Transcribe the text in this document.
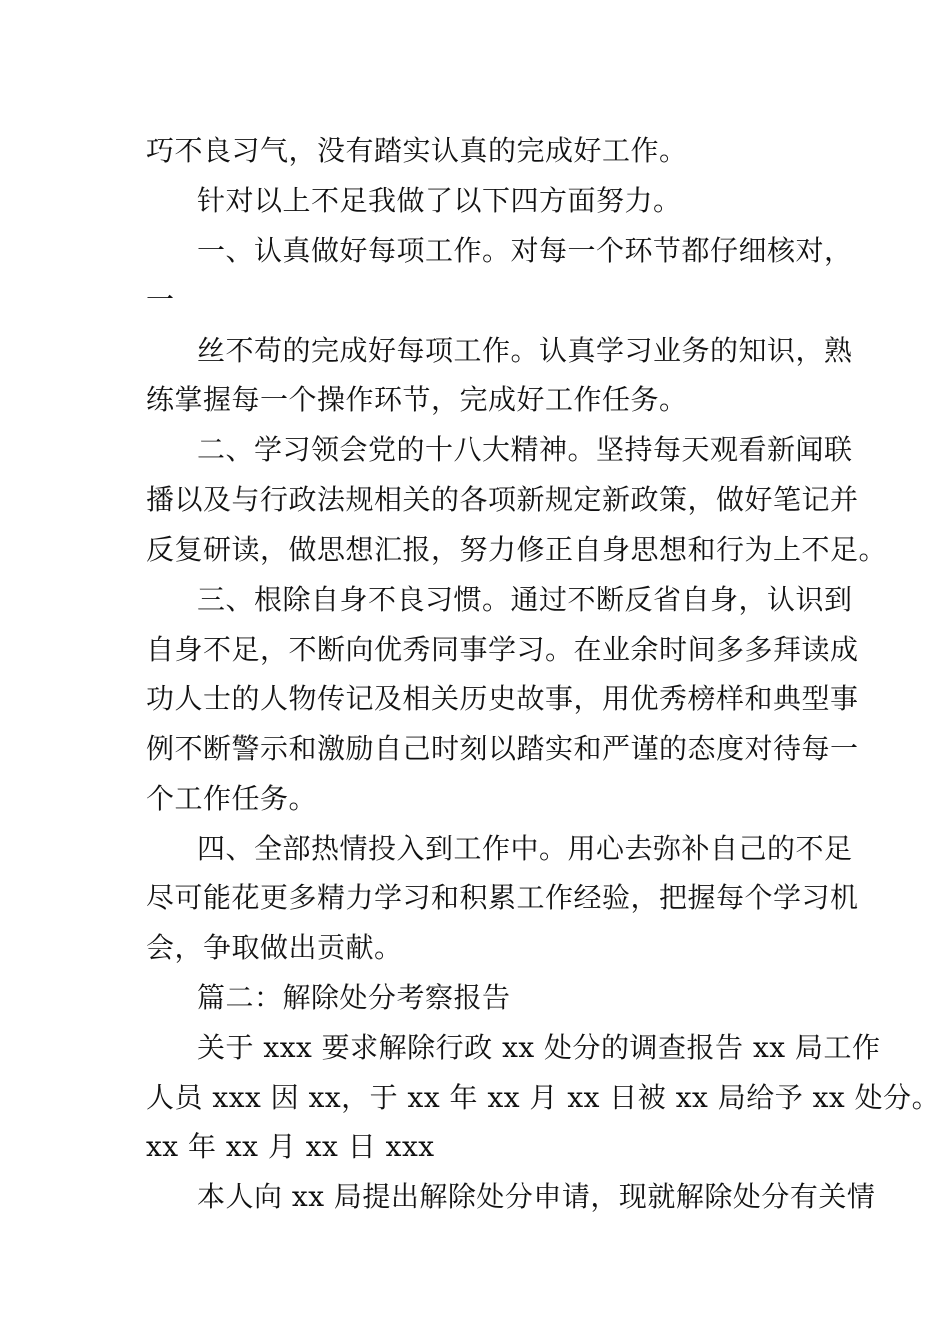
巧不良习气，没有踏实认真的完成好工作。
针对以上不足我做了以下四方面努力。
一、认真做好每项工作。对每一个环节都仔细核对，
一
丝不苟的完成好每项工作。认真学习业务的知识，熟
练掌握每一个操作环节，完成好工作任务。
二、学习领会党的十八大精神。坚持每天观看新闻联
播以及与行政法规相关的各项新规定新政策，做好笔记并
反复研读，做思想汇报，努力修正自身思想和行为上不足。
三、根除自身不良习惯。通过不断反省自身，认识到
自身不足，不断向优秀同事学习。在业余时间多多拜读成
功人士的人物传记及相关历史故事，用优秀榜样和典型事
例不断警示和激励自己时刻以踏实和严谨的态度对待每一
个工作任务。
四、全部热情投入到工作中。用心去弥补自己的不足
尽可能花更多精力学习和积累工作经验，把握每个学习机
会，争取做出贡献。
篇二：解除处分考察报告
关于 xxx 要求解除行政 xx 处分的调查报告 xx 局工作
人员 xxx 因 xx，于 xx 年 xx 月 xx 日被 xx 局给予 xx 处分。
xx 年 xx 月 xx 日 xxx
本人向 xx 局提出解除处分申请，现就解除处分有关情
